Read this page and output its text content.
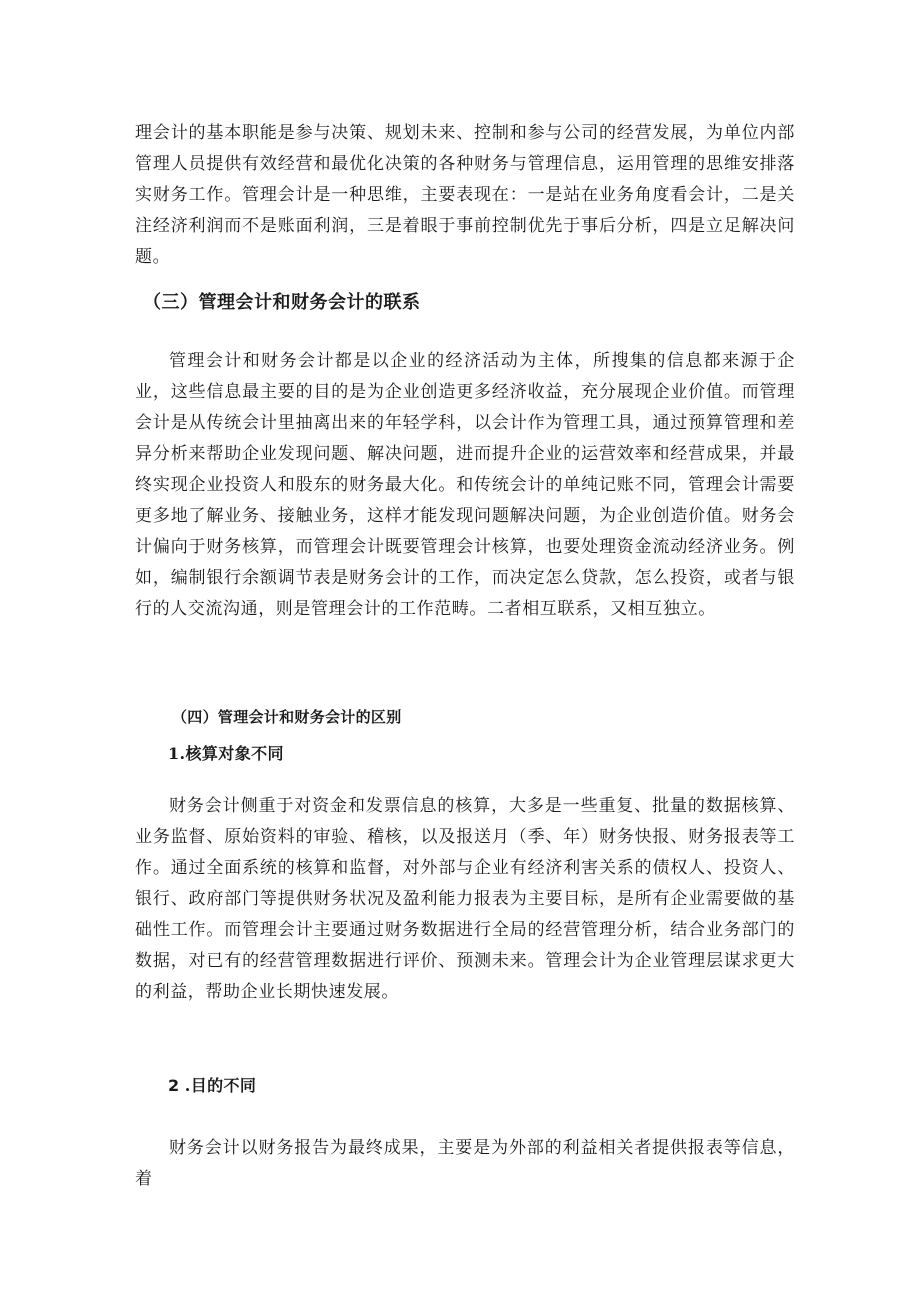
理会计的基本职能是参与决策、规划未来、控制和参与公司的经营发展，为单位内部管理人员提供有效经营和最优化决策的各种财务与管理信息，运用管理的思维安排落实财务工作。管理会计是一种思维，主要表现在：一是站在业务角度看会计，二是关注经济利润而不是账面利润，三是着眼于事前控制优先于事后分析，四是立足解决问题。

（三）管理会计和财务会计的联系

管理会计和财务会计都是以企业的经济活动为主体，所搜集的信息都来源于企业，这些信息最主要的目的是为企业创造更多经济收益，充分展现企业价值。而管理会计是从传统会计里抽离出来的年轻学科，以会计作为管理工具，通过预算管理和差异分析来帮助企业发现问题、解决问题，进而提升企业的运营效率和经营成果，并最终实现企业投资人和股东的财务最大化。和传统会计的单纯记账不同，管理会计需要更多地了解业务、接触业务，这样才能发现问题解决问题，为企业创造价值。财务会计偏向于财务核算，而管理会计既要管理会计核算，也要处理资金流动经济业务。例如，编制银行余额调节表是财务会计的工作，而决定怎么贷款，怎么投资，或者与银行的人交流沟通，则是管理会计的工作范畴。二者相互联系，又相互独立。

（四）管理会计和财务会计的区别
1.核算对象不同

财务会计侧重于对资金和发票信息的核算，大多是一些重复、批量的数据核算、业务监督、原始资料的审验、稽核，以及报送月（季、年）财务快报、财务报表等工作。通过全面系统的核算和监督，对外部与企业有经济利害关系的债权人、投资人、银行、政府部门等提供财务状况及盈利能力报表为主要目标，是所有企业需要做的基础性工作。而管理会计主要通过财务数据进行全局的经营管理分析，结合业务部门的数据，对已有的经营管理数据进行评价、预测未来。管理会计为企业管理层谋求更大的利益，帮助企业长期快速发展。

2 .目的不同

财务会计以财务报告为最终成果，主要是为外部的利益相关者提供报表等信息，着
